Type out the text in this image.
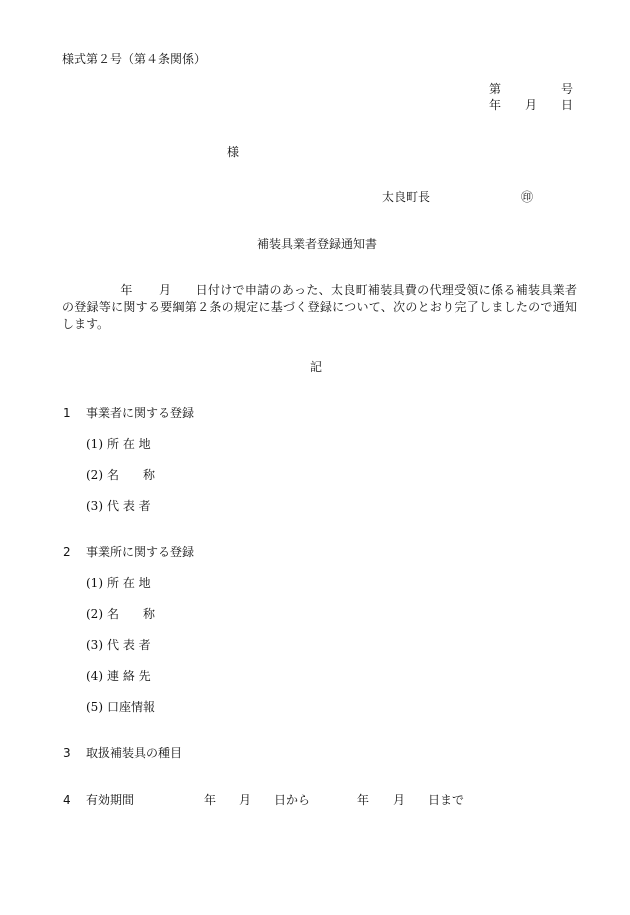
様式第２号（第４条関係）
第	号
年 月 日
様
太良町長	㊞
補装具業者登録通知書
年 月 日付けで申請のあった、太良町補装具費の代理受領に係る補装具業者の登録等に関する要綱第２条の規定に基づく登録について、次のとおり完了しましたので通知します。
記
1 事業者に関する登録
(1) 所 在 地
(2) 名　　称
(3) 代 表 者
2 事業所に関する登録
(1) 所 在 地
(2) 名　　称
(3) 代 表 者
(4) 連 絡 先
(5) 口座情報
3 取扱補装具の種目
4 有効期間	年 月 日から	年 月 日まで
